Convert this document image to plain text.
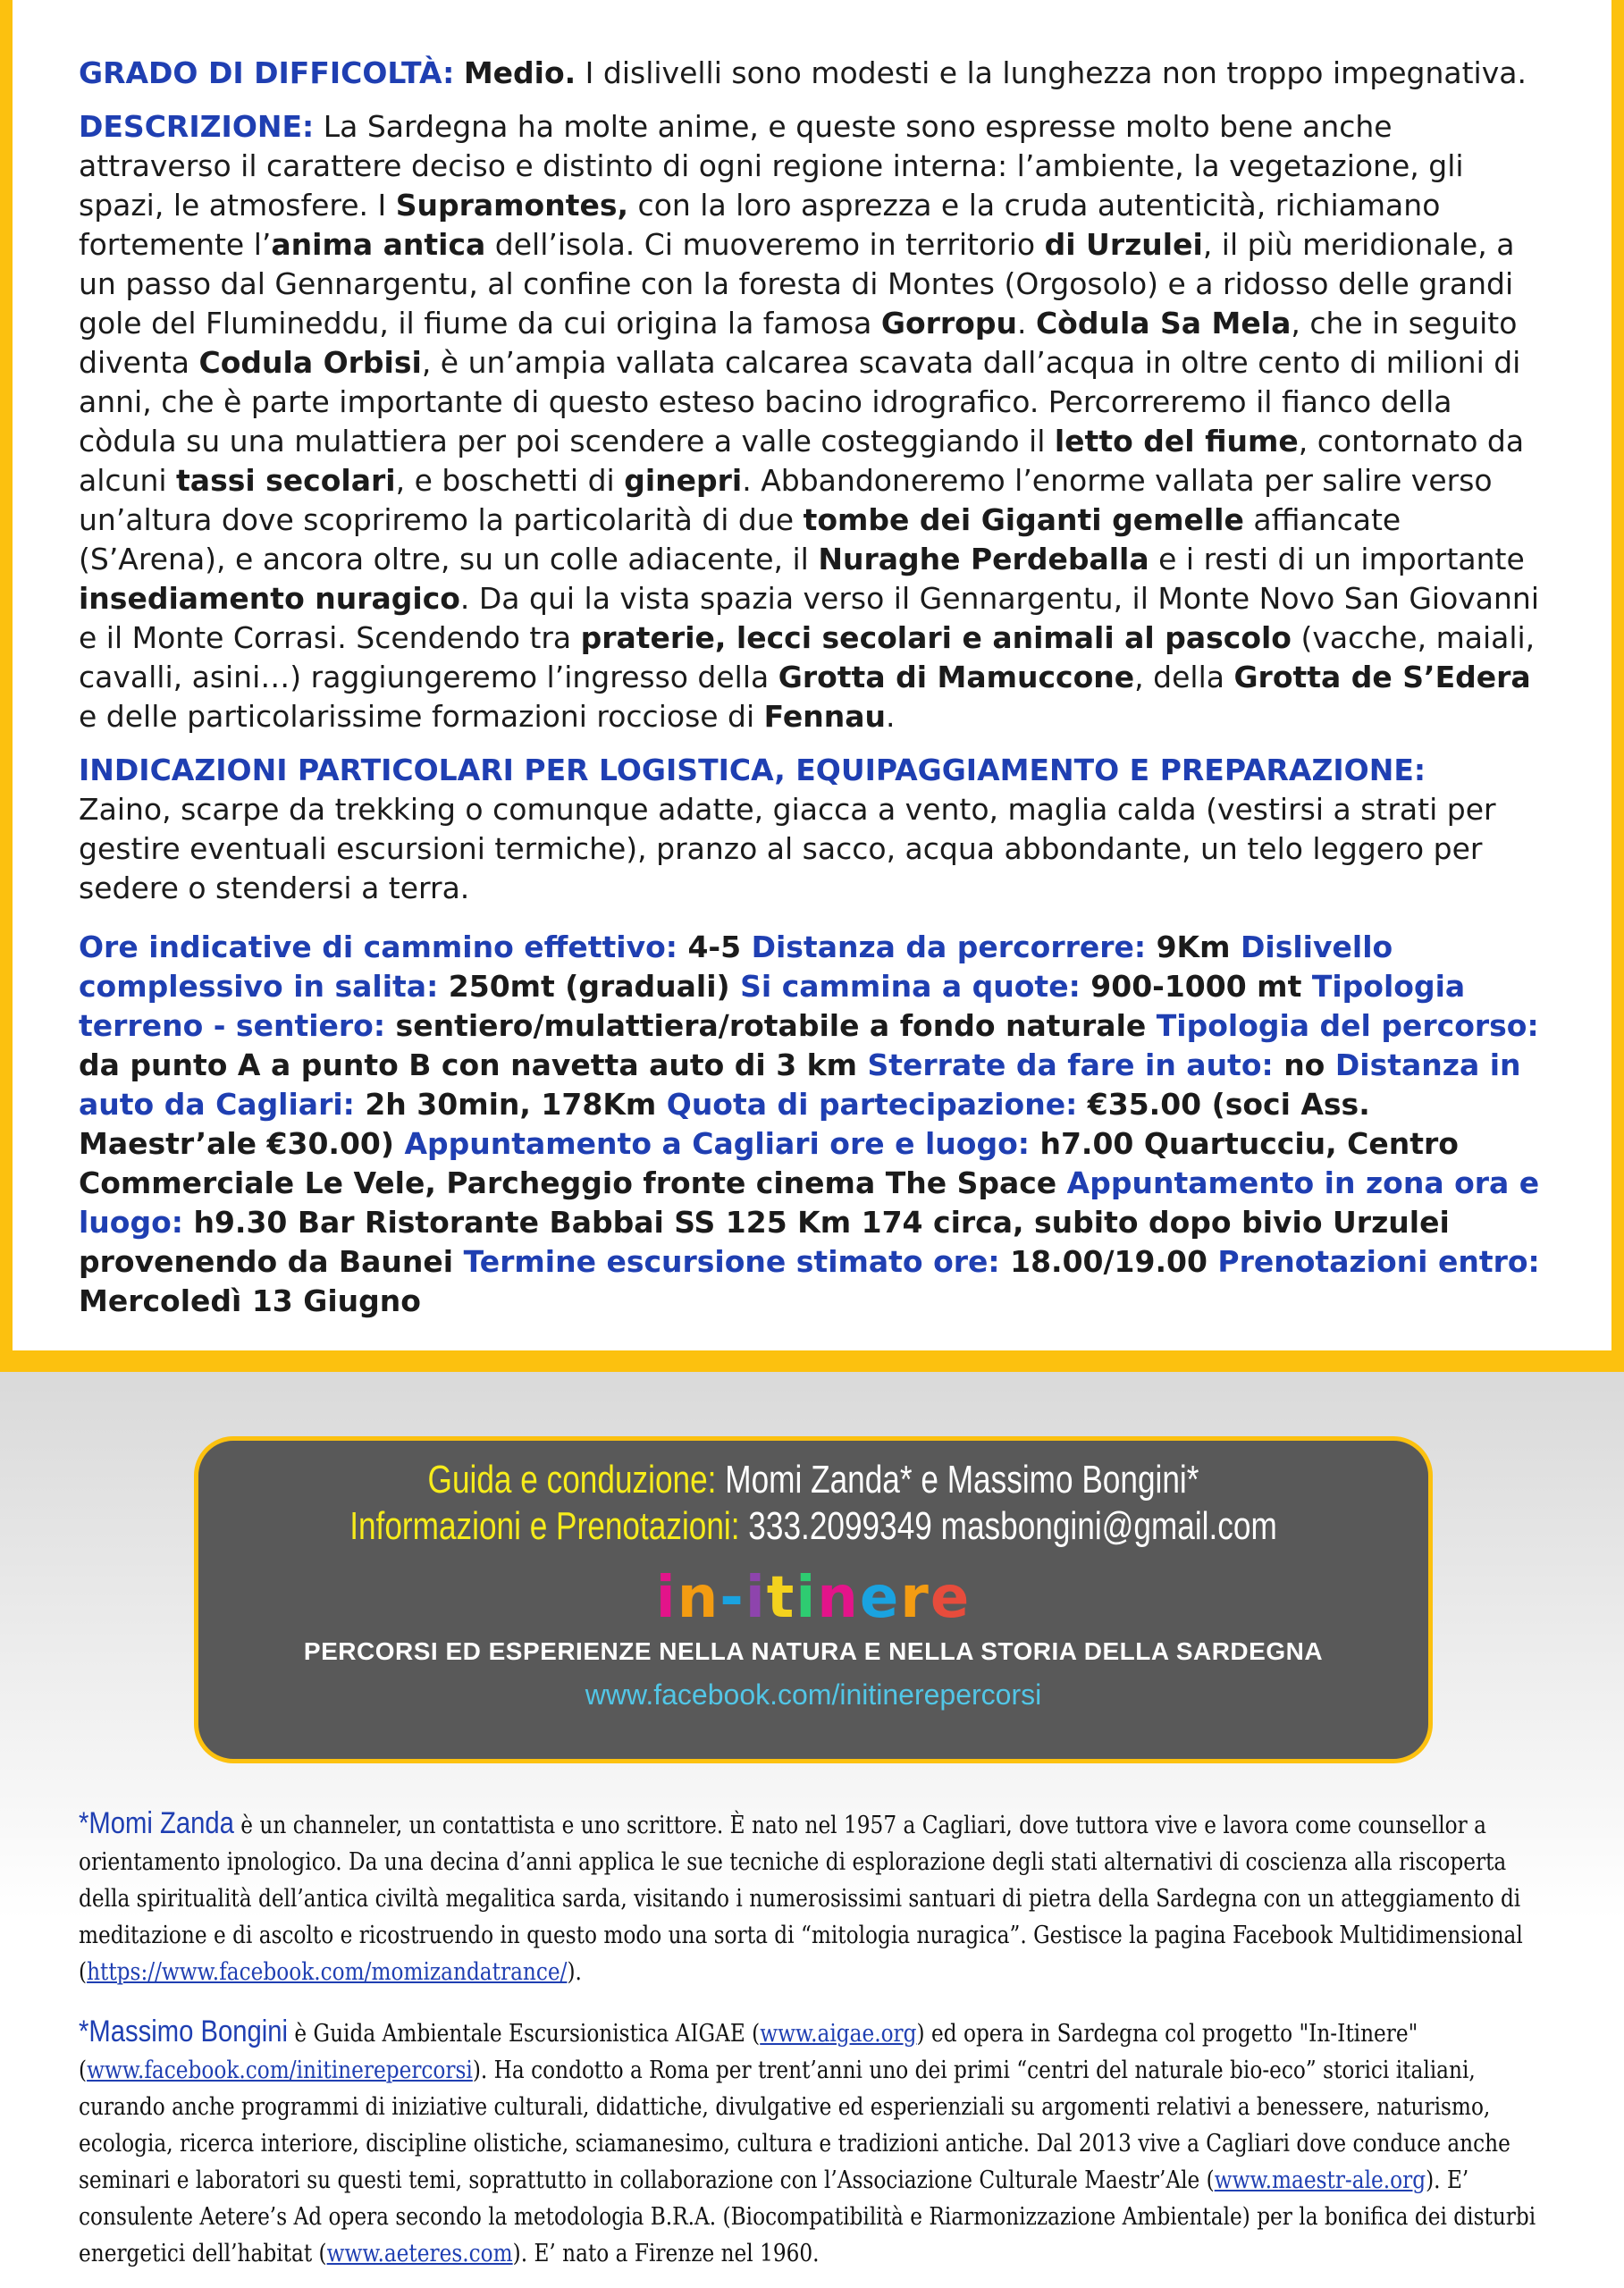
GRADO DI DIFFICOLTÀ: Medio. I dislivelli sono modesti e la lunghezza non troppo impegnativa.

DESCRIZIONE: La Sardegna ha molte anime, e queste sono espresse molto bene anche attraverso il carattere deciso e distinto di ogni regione interna: l’ambiente, la vegetazione, gli spazi, le atmosfere. I Supramontes, con la loro asprezza e la cruda autenticità, richiamano fortemente l’anima antica dell’isola. Ci muoveremo in territorio di Urzulei, il più meridionale, a un passo dal Gennargentu, al confine con la foresta di Montes (Orgosolo) e a ridosso delle grandi gole del Flumineddu, il fiume da cui origina la famosa Gorropu. Còdula Sa Mela, che in seguito diventa Codula Orbisi, è un’ampia vallata calcarea scavata dall’acqua in oltre cento di milioni di anni, che è parte importante di questo esteso bacino idrografico. Percorreremo il fianco della còdula su una mulattiera per poi scendere a valle costeggiando il letto del fiume, contornato da alcuni tassi secolari, e boschetti di ginepri. Abbandoneremo l’enorme vallata per salire verso un’altura dove scopriremo la particolarità di due tombe dei Giganti gemelle affiancate (S’Arena), e ancora oltre, su un colle adiacente, il Nuraghe Perdeballa e i resti di un importante insediamento nuragico. Da qui la vista spazia verso il Gennargentu, il Monte Novo San Giovanni e il Monte Corrasi. Scendendo tra praterie, lecci secolari e animali al pascolo (vacche, maiali, cavalli, asini…) raggiungeremo l’ingresso della Grotta di Mamuccone, della Grotta de S’Edera e delle particolarissime formazioni rocciose di Fennau.

INDICAZIONI PARTICOLARI PER LOGISTICA, EQUIPAGGIAMENTO E PREPARAZIONE:
Zaino, scarpe da trekking o comunque adatte, giacca a vento, maglia calda (vestirsi a strati per gestire eventuali escursioni termiche), pranzo al sacco, acqua abbondante, un telo leggero per sedere o stendersi a terra.

Ore indicative di cammino effettivo: 4-5 Distanza da percorrere: 9Km Dislivello complessivo in salita: 250mt (graduali) Si cammina a quote: 900-1000 mt Tipologia terreno - sentiero: sentiero/mulattiera/rotabile a fondo naturale Tipologia del percorso: da punto A a punto B con navetta auto di 3 km Sterrate da fare in auto: no Distanza in auto da Cagliari: 2h 30min, 178Km Quota di partecipazione: €35.00 (soci Ass. Maestr’ale €30.00) Appuntamento a Cagliari ore e luogo: h7.00 Quartucciu, Centro Commerciale Le Vele, Parcheggio fronte cinema The Space Appuntamento in zona ora e luogo: h9.30 Bar Ristorante Babbai SS 125 Km 174 circa, subito dopo bivio Urzulei provenendo da Baunei Termine escursione stimato ore: 18.00/19.00 Prenotazioni entro: Mercoledì 13 Giugno

Guida e conduzione: Momi Zanda* e Massimo Bongini*
Informazioni e Prenotazioni: 333.2099349 masbongini@gmail.com
in-itinere
PERCORSI ED ESPERIENZE NELLA NATURA E NELLA STORIA DELLA SARDEGNA
www.facebook.com/initinerepercorsi
*Momi Zanda è un channeler, un contattista e uno scrittore. È nato nel 1957 a Cagliari, dove tuttora vive e lavora come counsellor a orientamento ipnologico. Da una decina d’anni applica le sue tecniche di esplorazione degli stati alternativi di coscienza alla riscoperta della spiritualità dell’antica civiltà megalitica sarda, visitando i numerosissimi santuari di pietra della Sardegna con un atteggiamento di meditazione e di ascolto e ricostruendo in questo modo una sorta di “mitologia nuragica”. Gestisce la pagina Facebook Multidimensional (https://www.facebook.com/momizandatrance/).
*Massimo Bongini è Guida Ambientale Escursionistica AIGAE (www.aigae.org) ed opera in Sardegna col progetto "In-Itinere" (www.facebook.com/initinerepercorsi). Ha condotto a Roma per trent’anni uno dei primi “centri del naturale bio-eco” storici italiani, curando anche programmi di iniziative culturali, didattiche, divulgative ed esperienziali su argomenti relativi a benessere, naturismo, ecologia, ricerca interiore, discipline olistiche, sciamanesimo, cultura e tradizioni antiche. Dal 2013 vive a Cagliari dove conduce anche seminari e laboratori su questi temi, soprattutto in collaborazione con l’Associazione Culturale Maestr’Ale (www.maestr-ale.org). E’ consulente Aetere’s Ad opera secondo la metodologia B.R.A. (Biocompatibilità e Riarmonizzazione Ambientale) per la bonifica dei disturbi energetici dell’habitat (www.aeteres.com). E’ nato a Firenze nel 1960.
